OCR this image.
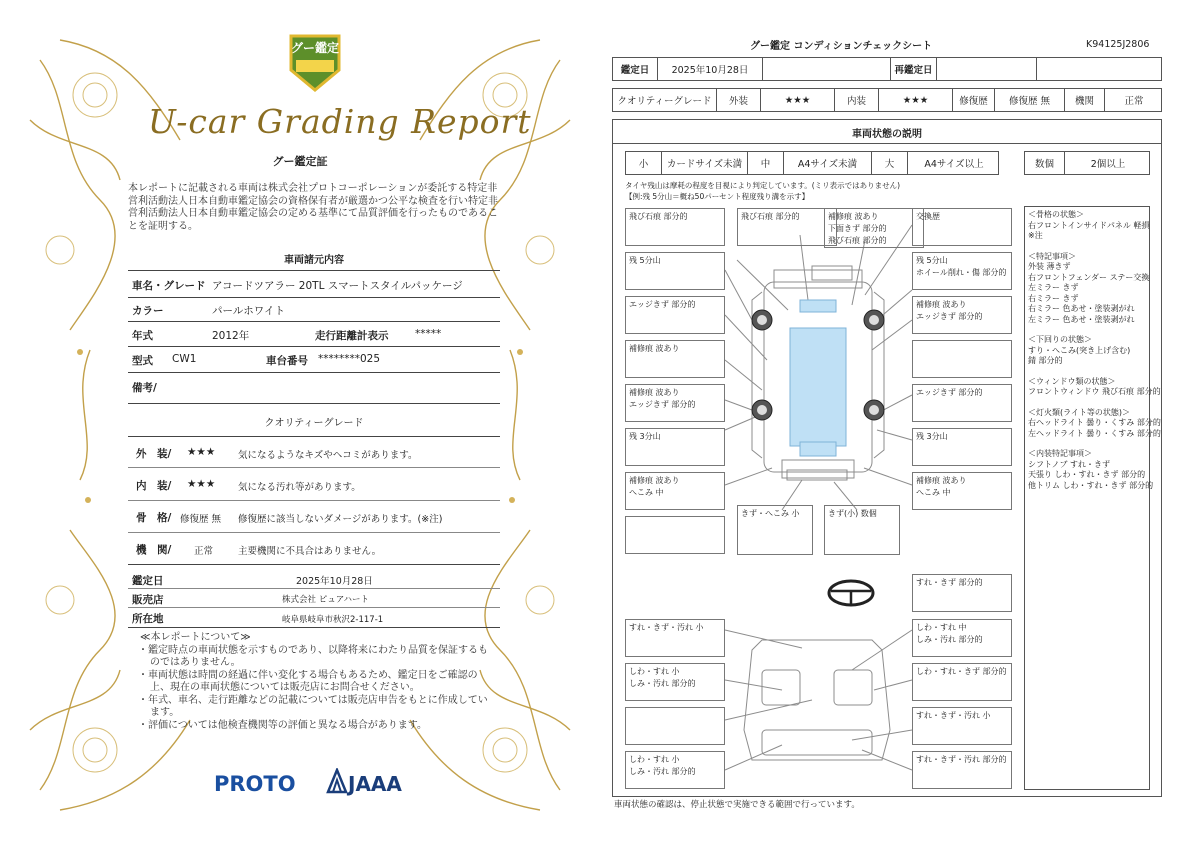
グー鑑定
U-car Grading Report
グー鑑定証
本レポートに記載される車両は株式会社プロトコーポレーションが委託する特定非営利活動法人日本自動車鑑定協会の資格保有者が厳選かつ公平な検査を行い特定非営利活動法人日本自動車鑑定協会の定める基準にて品質評価を行ったものであることを証明する。
車両諸元内容
車名・グレード アコードツアラー 20TL スマートスタイルパッケージ
カラー	パールホワイト
年式	2012年	走行距離計表示	*****
型式 CW1	車台番号 ********025
備考/
クオリティーグレード
外　装/ ★★★ 気になるようなキズやヘコミがあります。
内　装/ ★★★ 気になる汚れ等があります。
骨　格/ 修復歴 無 修復歴に該当しないダメージがあります。(※注)
機　関/ 正常	主要機関に不具合はありません。
鑑定日	2025年10月28日
販売店	株式会社 ピュアハート
所在地	岐阜県岐阜市秋沢2-117-1
≪本レポートについて≫
・鑑定時点の車両状態を示すものであり、以降将来にわたり品質を保証するものではありません。
・車両状態は時間の経過に伴い変化する場合もあるため、鑑定日をご確認の上、現在の車両状態については販売店にお問合せください。
・年式、車名、走行距離などの記載については販売店申告をもとに作成しています。
・評価については他検査機関等の評価と異なる場合があります。
PROTO	JAAA
グー鑑定 コンディションチェックシート	K94125J2806
鑑定日	2025年10月28日	再鑑定日
クオリティーグレード	外装	★★★	内装	★★★	修復歴	修復歴 無	機関	正常
車両状態の説明
小	カードサイズ未満	中	A4サイズ未満	大	A4サイズ以上	数個	2個以上
タイヤ残山は摩耗の程度を目視により判定しています。(ミリ表示ではありません)
【例:残 5分山＝概ね50パーセント程度残り溝を示す】
飛び石痕 部分的	飛び石痕 部分的	補修痕 波あり
下面きず 部分的
飛び石痕 部分的
交換歴
残 5分山	残 5分山
ホイール削れ・傷 部分的
エッジきず 部分的	補修痕 波あり
エッジきず 部分的
補修痕 波あり
補修痕 波あり
エッジきず 部分的
エッジきず 部分的
残 3分山	残 3分山
補修痕 波あり
へこみ 中
補修痕 波あり
へこみ 中
きず・へこみ 小	きず(小) 数個
すれ・きず 部分的
すれ・きず・汚れ 小	しわ・すれ 中
しみ・汚れ 部分的
しわ・すれ 小
しみ・汚れ 部分的
しわ・すれ・きず 部分的
すれ・きず・汚れ 小
しわ・すれ 小
しみ・汚れ 部分的
すれ・きず・汚れ 部分的
＜骨格の状態＞
右フロントインサイドパネル 軽損
※注
＜特記事項＞
外装 薄きず
右フロントフェンダー ステー交換
左ミラー きず
右ミラー きず
右ミラー 色あせ・塗装剥がれ
左ミラー 色あせ・塗装剥がれ
＜下回りの状態＞
すり・へこみ(突き上げ含む)
錆 部分的
＜ウィンドウ類の状態＞
フロントウィンドウ 飛び石痕 部分的
＜灯火類(ライト等の状態)＞
右ヘッドライト 曇り・くすみ 部分的
左ヘッドライト 曇り・くすみ 部分的
＜内装特記事項＞
シフトノブ すれ・きず
天張り しわ・すれ・きず 部分的
他トリム しわ・すれ・きず 部分的
車両状態の確認は、停止状態で実施できる範囲で行っています。
